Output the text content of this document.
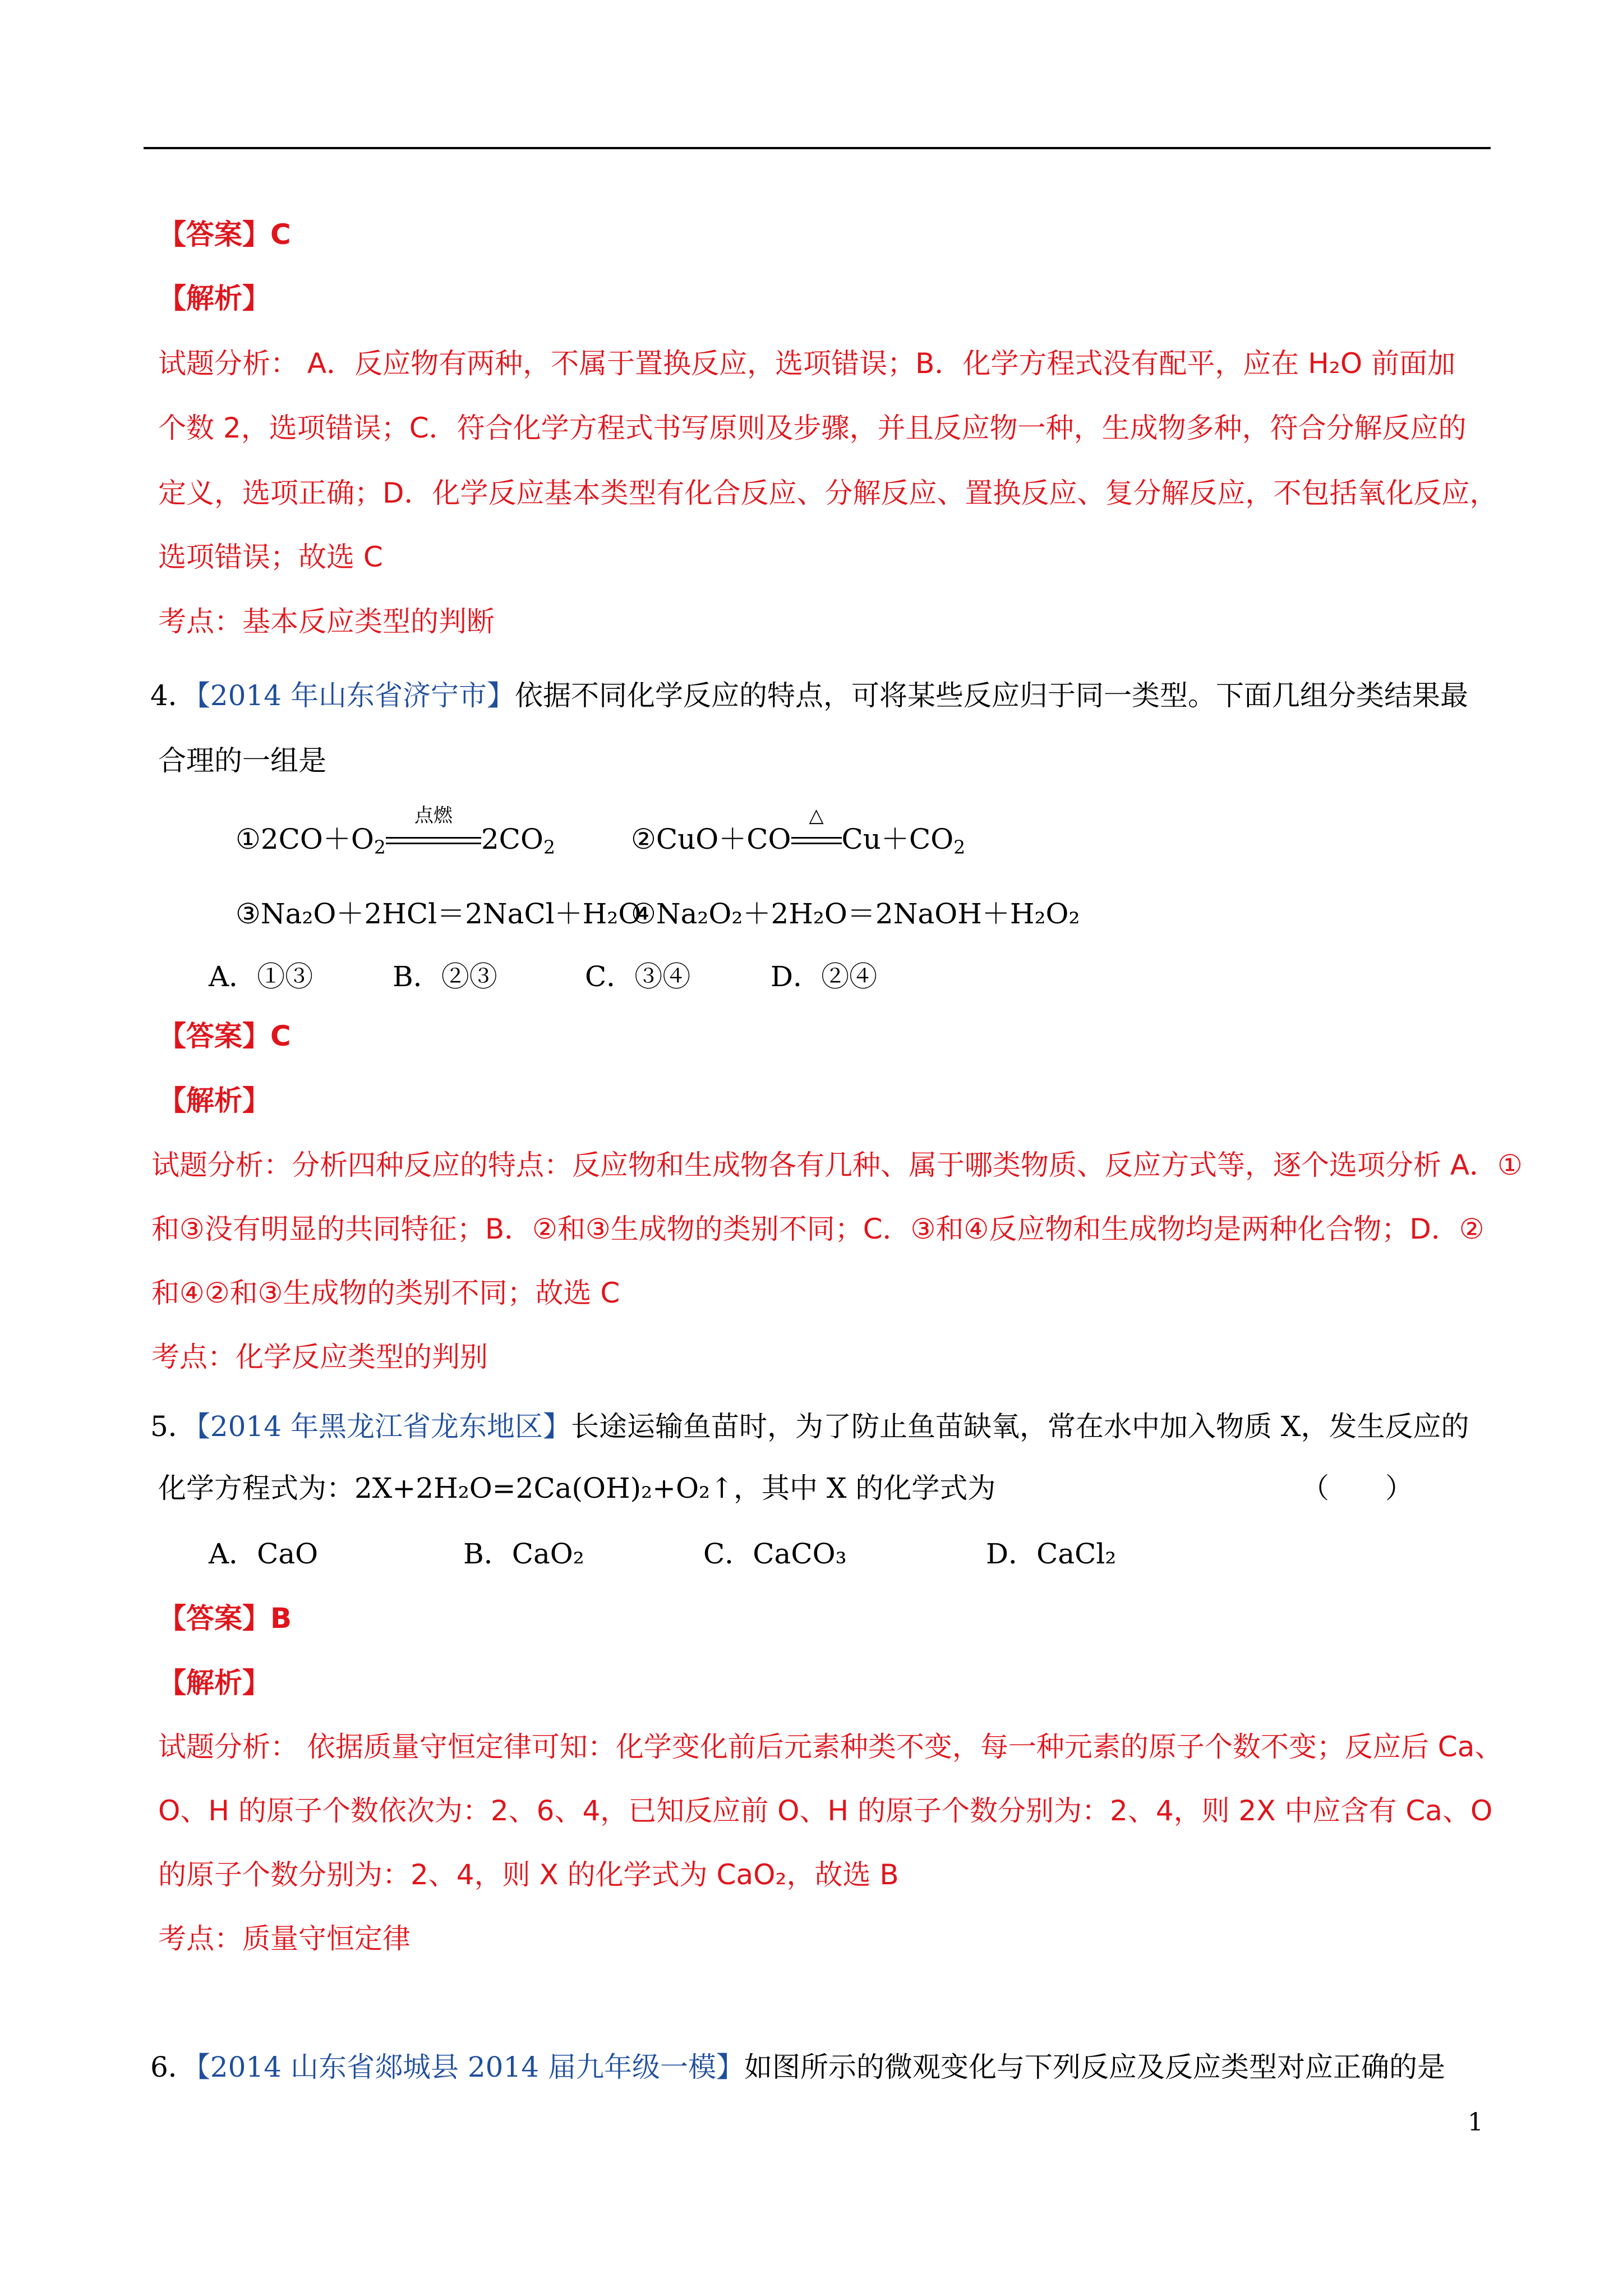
【答案】C
【解析】
试题分析： A．反应物有两种，不属于置换反应，选项错误；B．化学方程式没有配平，应在 H₂O 前面加
个数 2，选项错误；C．符合化学方程式书写原则及步骤，并且反应物一种，生成物多种，符合分解反应的
定义，选项正确；D．化学反应基本类型有化合反应、分解反应、置换反应、复分解反应，不包括氧化反应，
选项错误；故选 C
考点：基本反应类型的判断
4．【2014 年山东省济宁市】依据不同化学反应的特点，可将某些反应归于同一类型。下面几组分类结果最
合理的一组是
$①2CO+O_2$
点燃
$2CO_2$	②CuO＋CO
△
$Cu+CO_2$
③Na₂O＋2HCl＝2NaCl＋H₂O
④Na₂O₂＋2H₂O＝2NaOH＋H₂O₂
A．①③	B．②③	C．③④	D．②④
【答案】C
【解析】
试题分析：分析四种反应的特点：反应物和生成物各有几种、属于哪类物质、反应方式等，逐个选项分析 A．①
和③没有明显的共同特征；B．②和③生成物的类别不同；C．③和④反应物和生成物均是两种化合物；D．②
和④②和③生成物的类别不同；故选 C
考点：化学反应类型的判别
5．【2014 年黑龙江省龙东地区】长途运输鱼苗时，为了防止鱼苗缺氧，常在水中加入物质 X，发生反应的
化学方程式为：2X+2H₂O=2Ca(OH)₂+O₂↑，其中 X 的化学式为	（　　）
A．CaO	B．CaO₂	C．CaCO₃	D．CaCl₂
【答案】B
【解析】
试题分析： 依据质量守恒定律可知：化学变化前后元素种类不变，每一种元素的原子个数不变；反应后 Ca、
O、H 的原子个数依次为：2、6、4，已知反应前 O、H 的原子个数分别为：2、4，则 2X 中应含有 Ca、O
的原子个数分别为：2、4，则 X 的化学式为 CaO₂，故选 B
考点：质量守恒定律
6．【2014 山东省郯城县 2014 届九年级一模】如图所示的微观变化与下列反应及反应类型对应正确的是
1
